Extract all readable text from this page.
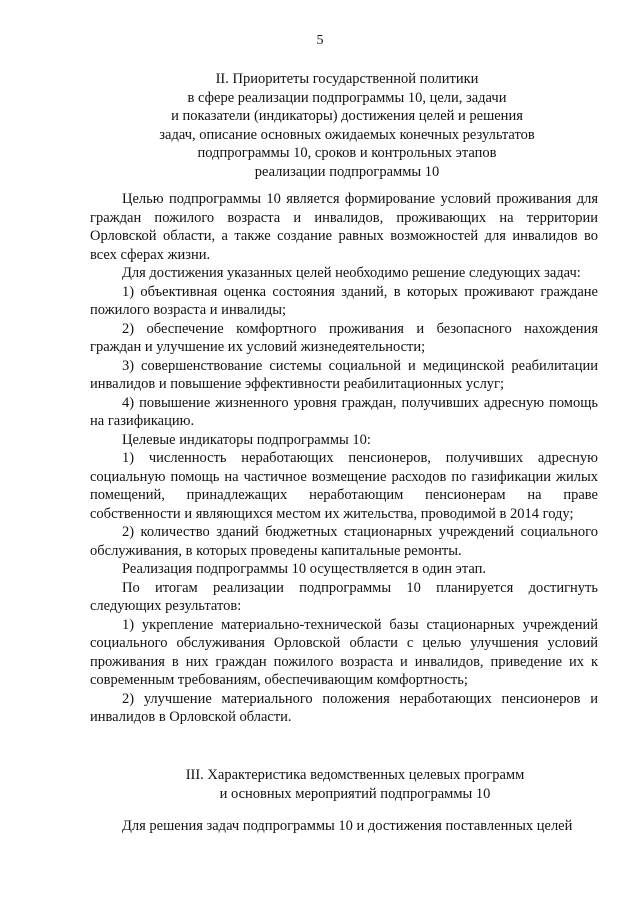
5
II. Приоритеты государственной политики
в сфере реализации подпрограммы 10, цели, задачи
и показатели (индикаторы) достижения целей и решения
задач, описание основных ожидаемых конечных результатов
подпрограммы 10, сроков и контрольных этапов
реализации подпрограммы 10

Целью подпрограммы 10 является формирование условий проживания для граждан пожилого возраста и инвалидов, проживающих на территории Орловской области, а также создание равных возможностей для инвалидов во всех сферах жизни.

Для достижения указанных целей необходимо решение следующих задач:

1) объективная оценка состояния зданий, в которых проживают граждане пожилого возраста и инвалиды;

2) обеспечение комфортного проживания и безопасного нахождения граждан и улучшение их условий жизнедеятельности;

3) совершенствование системы социальной и медицинской реабилитации инвалидов и повышение эффективности реабилитационных услуг;

4) повышение жизненного уровня граждан, получивших адресную помощь на газификацию.

Целевые индикаторы подпрограммы 10:

1) численность неработающих пенсионеров, получивших адресную социальную помощь на частичное возмещение расходов по газификации жилых помещений, принадлежащих неработающим пенсионерам на праве собственности и являющихся местом их жительства, проводимой в 2014 году;

2) количество зданий бюджетных стационарных учреждений социального обслуживания, в которых проведены капитальные ремонты.

Реализация подпрограммы 10 осуществляется в один этап.

По итогам реализации подпрограммы 10 планируется достигнуть следующих результатов:

1) укрепление материально-технической базы стационарных учреждений социального обслуживания Орловской области с целью улучшения условий проживания в них граждан пожилого возраста и инвалидов, приведение их к современным требованиям, обеспечивающим комфортность;

2) улучшение материального положения неработающих пенсионеров и инвалидов в Орловской области.

III. Характеристика ведомственных целевых программ
и основных мероприятий подпрограммы 10

Для решения задач подпрограммы 10 и достижения поставленных целей
